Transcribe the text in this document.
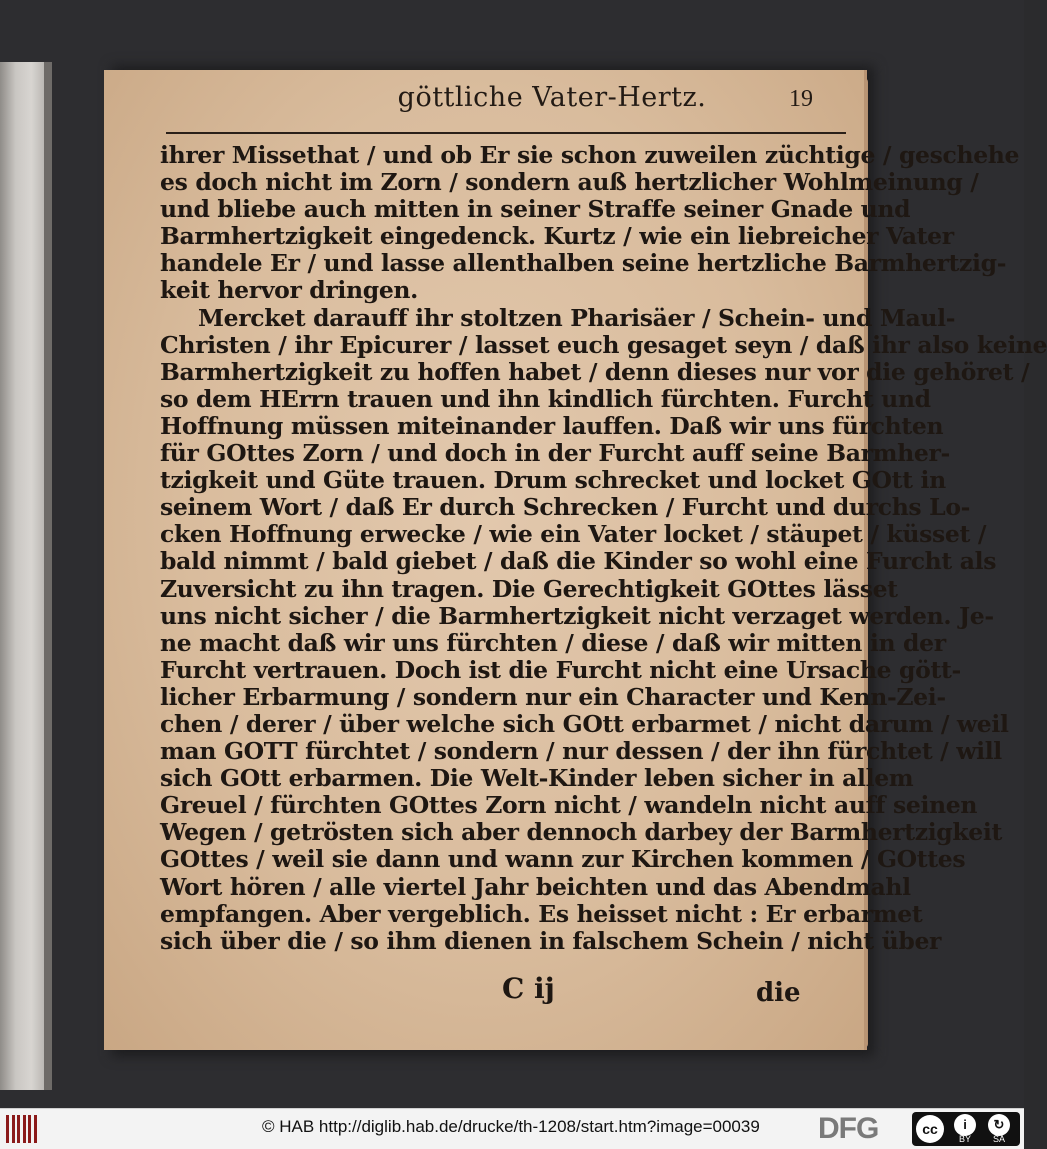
göttliche Vater-Hertz.	19
ihrer Missethat / und ob Er sie schon zuweilen züchtige / geschehe
es doch nicht im Zorn / sondern auß hertzlicher Wohlmeinung /
und bliebe auch mitten in seiner Straffe seiner Gnade und
Barmhertzigkeit eingedenck. Kurtz / wie ein liebreicher Vater
handele Er / und lasse allenthalben seine hertzliche Barmhertzig-
keit hervor dringen.
Mercket darauff ihr stoltzen Pharisäer / Schein- und Maul-
Christen / ihr Epicurer / lasset euch gesaget seyn / daß ihr also keine
Barmhertzigkeit zu hoffen habet / denn dieses nur vor die gehöret /
so dem HErrn trauen und ihn kindlich fürchten. Furcht und
Hoffnung müssen miteinander lauffen. Daß wir uns fürchten
für GOttes Zorn / und doch in der Furcht auff seine Barmher-
tzigkeit und Güte trauen. Drum schrecket und locket GOtt in
seinem Wort / daß Er durch Schrecken / Furcht und durchs Lo-
cken Hoffnung erwecke / wie ein Vater locket / stäupet / küsset /
bald nimmt / bald giebet / daß die Kinder so wohl eine Furcht als
Zuversicht zu ihn tragen. Die Gerechtigkeit GOttes lässet
uns nicht sicher / die Barmhertzigkeit nicht verzaget werden. Je-
ne macht daß wir uns fürchten / diese / daß wir mitten in der
Furcht vertrauen. Doch ist die Furcht nicht eine Ursache gött-
licher Erbarmung / sondern nur ein Character und Kenn-Zei-
chen / derer / über welche sich GOtt erbarmet / nicht darum / weil
man GOTT fürchtet / sondern / nur dessen / der ihn fürchtet / will
sich GOtt erbarmen. Die Welt-Kinder leben sicher in allem
Greuel / fürchten GOttes Zorn nicht / wandeln nicht auff seinen
Wegen / getrösten sich aber dennoch darbey der Barmhertzigkeit
GOttes / weil sie dann und wann zur Kirchen kommen / GOttes
Wort hören / alle viertel Jahr beichten und das Abendmahl
empfangen. Aber vergeblich. Es heisset nicht : Er erbarmet
sich über die / so ihm dienen in falschem Schein / nicht über
C ij	die
© HAB http://diglib.hab.de/drucke/th-1208/start.htm?image=00039	DFG	cc	i	↻
BY SA
